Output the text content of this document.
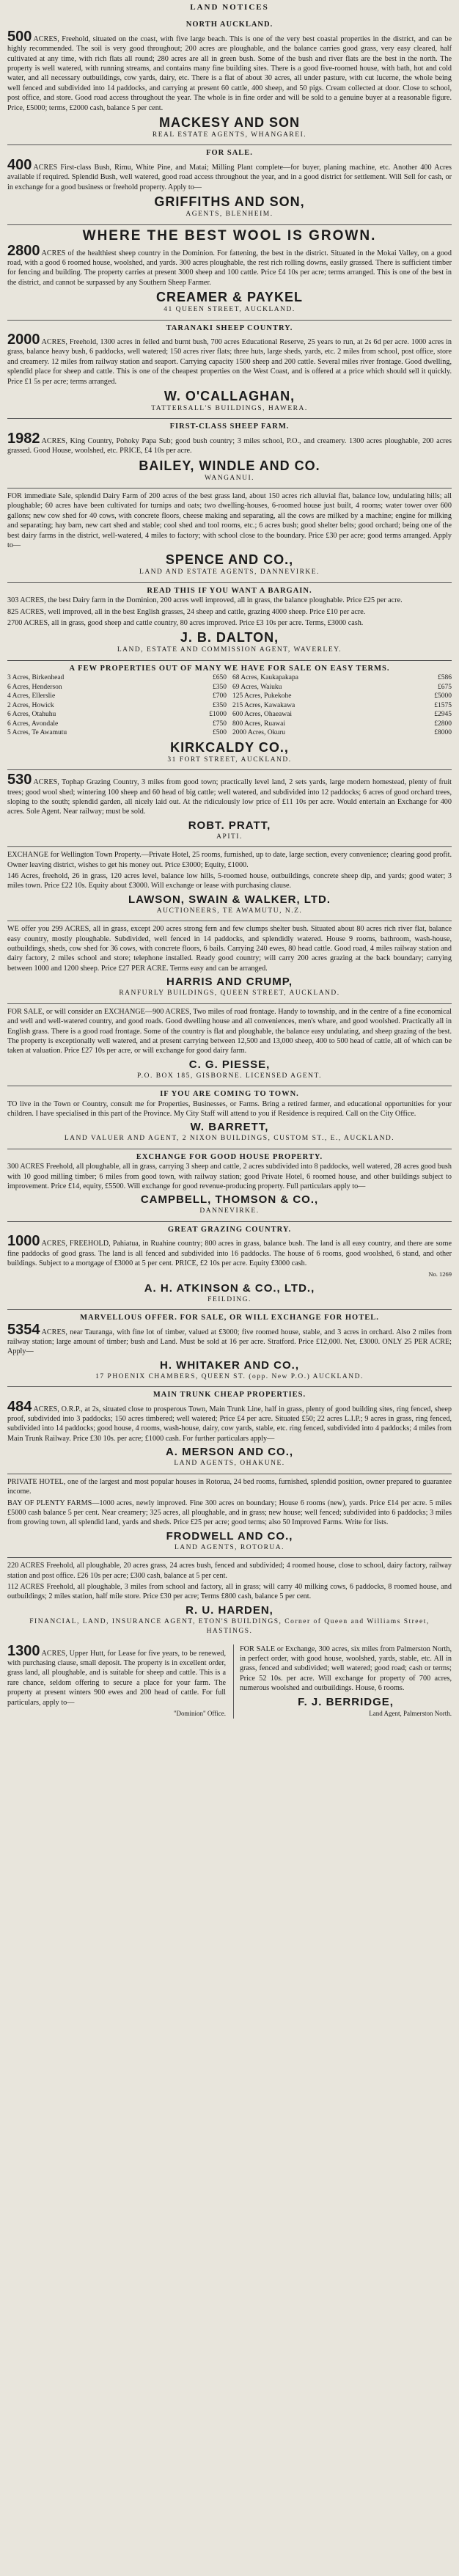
LAND NOTICES
NORTH AUCKLAND.

500 ACRES, Freehold, situated on the coast, with five large beach. This is one of the very best coastal properties in the district, and can be highly recommended. The soil is very good throughout; 200 acres are ploughable, and the balance carries good grass, very easy cleared, half cultivated at any time, with rich flats all round; 280 acres are all in green bush. Some of the bush and river flats are the best in the north. The property is well watered, with running streams, and contains many fine building sites. There is a good five-roomed house, with bath, hot and cold water, and all necessary outbuildings, cow yards, dairy, etc. There is a flat of about 30 acres, all under pasture, with cut lucerne, the whole being well fenced and subdivided into 14 paddocks, and carrying at present 60 cattle, 400 sheep, and 50 pigs. Cream collected at door. Close to school, post office, and store. Good road access throughout the year. The whole is in fine order and will be sold to a genuine buyer at a reasonable figure. Price, £5000; terms, £2000 cash, balance 5 per cent.

MACKESY AND SON
REAL ESTATE AGENTS, WHANGAREI.
FOR SALE.

400 ACRES First-class Bush, Rimu, White Pine, and Matai; Milling Plant complete—for buyer, planing machine, etc. Another 400 Acres available if required. Splendid Bush, well watered, good road access throughout the year, and in a good district for settlement. Will Sell for cash, or in exchange for a good business or freehold property. Apply to—

GRIFFITHS AND SON,
AGENTS, BLENHEIM.
WHERE THE BEST WOOL IS GROWN.

2800 ACRES of the healthiest sheep country in the Dominion. For fattening, the best in the district. Situated in the Mokai Valley, on a good road, with a good 6 roomed house, woolshed, and yards. 300 acres ploughable, the rest rich rolling downs, easily grassed. There is sufficient timber for fencing and building. The property carries at present 3000 sheep and 100 cattle. Price £4 10s per acre; terms arranged. This is one of the best in the district, and cannot be surpassed by any Southern Sheep Farmer.

CREAMER & PAYKEL
41 QUEEN STREET, AUCKLAND.
TARANAKI SHEEP COUNTRY.

2000 ACRES, Freehold, 1300 acres in felled and burnt bush, 700 acres Educational Reserve, 25 years to run, at 2s 6d per acre. 1000 acres in grass, balance heavy bush, 6 paddocks, well watered; 150 acres river flats; three huts, large sheds, yards, etc. 2 miles from school, post office, store and creamery. 12 miles from railway station and seaport. Carrying capacity 1500 sheep and 200 cattle. Several miles river frontage. Good dwelling, splendid place for sheep and cattle. This is one of the cheapest properties on the West Coast, and is offered at a price which should sell it quickly. Price £1 5s per acre; terms arranged.

W. O'CALLAGHAN,
TATTERSALL'S BUILDINGS, HAWERA.
FIRST-CLASS SHEEP FARM.

1982 ACRES, King Country, Pohoky Papa Sub; good bush country; 3 miles school, P.O., and creamery. 1300 acres ploughable, 200 acres grassed. Good House, woolshed, etc. PRICE, £4 10s per acre.

BAILEY, WINDLE AND CO.
WANGANUI.

FOR immediate Sale, splendid Dairy Farm of 200 acres of the best grass land, about 150 acres rich alluvial flat, balance low, undulating hills; all ploughable; 60 acres have been cultivated for turnips and oats; two dwelling-houses, 6-roomed house just built, 4 rooms; water tower over 600 gallons; new cow shed for 40 cows, with concrete floors, cheese making and separating, all the cows are milked by a machine; engine for milking and separating; hay barn, new cart shed and stable; cool shed and tool rooms, etc.; 6 acres bush; good shelter belts; good orchard; being one of the best dairy farms in the district, well-watered, 4 miles to factory; with school close to the boundary. Price £30 per acre; good terms arranged. Apply to—

SPENCE AND CO.,
LAND AND ESTATE AGENTS, DANNEVIRKE.
READ THIS IF YOU WANT A BARGAIN.

303 ACRES, the best Dairy farm in the Dominion, 200 acres well improved, all in grass, the balance ploughable. Price £25 per acre.

825 ACRES, well improved, all in the best English grasses, 24 sheep and cattle, grazing 4000 sheep. Price £10 per acre.

2700 ACRES, all in grass, good sheep and cattle country, 80 acres improved. Price £3 10s per acre. Terms, £3000 cash.

J. B. DALTON,
LAND, ESTATE AND COMMISSION AGENT, WAVERLEY.
A FEW PROPERTIES OUT OF MANY WE HAVE FOR SALE ON EASY TERMS.
3 Acres, Birkenhead	£650 68 Acres, Kaukapakapa	£586
6 Acres, Henderson	£350 69 Acres, Waiuku	£675
4 Acres, Ellerslie	£700 125 Acres, Pukekohe	£5000
2 Acres, Howick	£350 215 Acres, Kawakawa	£1575
6 Acres, Otahuhu	£1000 600 Acres, Ohaeawai	£2945
6 Acres, Avondale	£750 800 Acres, Ruawai	£2800
5 Acres, Te Awamutu	£500 2000 Acres, Okuru	£8000
KIRKCALDY CO.,
31 FORT STREET, AUCKLAND.

530 ACRES, Tophap Grazing Country, 3 miles from good town; practically level land, 2 sets yards, large modern homestead, plenty of fruit trees; good wool shed; wintering 100 sheep and 60 head of big cattle; well watered, and subdivided into 12 paddocks; 6 acres of good orchard trees, sloping to the south; splendid garden, all nicely laid out. At the ridiculously low price of £11 10s per acre. Would entertain an Exchange for 400 acres. Sole Agent. Near railway; must be sold.

ROBT. PRATT,
APITI.

EXCHANGE for Wellington Town Property.—Private Hotel, 25 rooms, furnished, up to date, large section, every convenience; clearing good profit. Owner leaving district, wishes to get his money out. Price £3000; Equity, £1000.

146 Acres, freehold, 26 in grass, 120 acres level, balance low hills, 5-roomed house, outbuildings, concrete sheep dip, and yards; good water; 3 miles town. Price £22 10s. Equity about £3000. Will exchange or lease with purchasing clause.

LAWSON, SWAIN & WALKER, LTD.
AUCTIONEERS, TE AWAMUTU, N.Z.

WE offer you 299 ACRES, all in grass, except 200 acres strong fern and few clumps shelter bush. Situated about 80 acres rich river flat, balance easy country, mostly ploughable. Subdivided, well fenced in 14 paddocks, and splendidly watered. House 9 rooms, bathroom, wash-house, outbuildings, sheds, cow shed for 36 cows, with concrete floors, 6 bails. Carrying 240 ewes, 80 head cattle. Good road, 4 miles railway station and dairy factory, 2 miles school and store; telephone installed. Ready good country; will carry 200 acres grazing at the back boundary; carrying between 1000 and 1200 sheep. Price £27 PER ACRE. Terms easy and can be arranged.

HARRIS AND CRUMP,
RANFURLY BUILDINGS, QUEEN STREET, AUCKLAND.

FOR SALE, or will consider an EXCHANGE—900 ACRES, Two miles of road frontage. Handy to township, and in the centre of a fine economical and well and well-watered country, and good roads. Good dwelling house and all conveniences, men's whare, and good woolshed. Practically all in English grass. There is a good road frontage. Some of the country is flat and ploughable, the balance easy undulating, and sheep grazing of the best. The property is exceptionally well watered, and at present carrying between 12,500 and 13,000 sheep, 400 to 500 head of cattle, all of which can be taken at valuation. Price £27 10s per acre, or will exchange for good dairy farm.

C. G. PIESSE,
P.O. BOX 185, GISBORNE. LICENSED AGENT.
IF YOU ARE COMING TO TOWN.

TO live in the Town or Country, consult me for Properties, Businesses, or Farms. Bring a retired farmer, and educational opportunities for your children. I have specialised in this part of the Province. My City Staff will attend to you if Residence is required. Call on the City Office.

W. BARRETT,
LAND VALUER AND AGENT, 2 NIXON BUILDINGS, CUSTOM ST., E., AUCKLAND.
EXCHANGE FOR GOOD HOUSE PROPERTY.

300 ACRES Freehold, all ploughable, all in grass, carrying 3 sheep and cattle, 2 acres subdivided into 8 paddocks, well watered, 28 acres good bush with 10 good milling timber; 6 miles from good town, with railway station; good Private Hotel, 6 roomed house, and other buildings subject to improvement. Price £14, equity, £5500. Will exchange for good revenue-producing property. Full particulars apply to—

CAMPBELL, THOMSON & CO.,
DANNEVIRKE.
GREAT GRAZING COUNTRY.

1000 ACRES, FREEHOLD, Pahiatua, in Ruahine country; 800 acres in grass, balance bush. The land is all easy country, and there are some fine paddocks of good grass. The land is all fenced and subdivided into 16 paddocks. The house of 6 rooms, good woolshed, 6 stand, and other buildings. Subject to a mortgage of £3000 at 5 per cent. PRICE, £2 10s per acre. Equity £3000 cash.

No. 1269
A. H. ATKINSON & CO., LTD.,
FEILDING.
MARVELLOUS OFFER. FOR SALE, OR WILL EXCHANGE FOR HOTEL.

5354 ACRES, near Tauranga, with fine lot of timber, valued at £3000; five roomed house, stable, and 3 acres in orchard. Also 2 miles from railway station; large amount of timber; bush and Land. Must be sold at 16 per acre. Stratford. Price £12,000. Net, £3000. ONLY 25 PER ACRE; Apply—

H. WHITAKER AND CO.,
17 PHOENIX CHAMBERS, QUEEN ST. (opp. New P.O.) AUCKLAND.
MAIN TRUNK CHEAP PROPERTIES.

484 ACRES, O.R.P., at 2s, situated close to prosperous Town, Main Trunk Line, half in grass, plenty of good building sites, ring fenced, sheep proof, subdivided into 3 paddocks; 150 acres timbered; well watered; Price £4 per acre. Situated £50; 22 acres L.I.P.; 9 acres in grass, ring fenced, subdivided into 14 paddocks; good house, 4 rooms, wash-house, dairy, cow yards, stable, etc. ring fenced, subdivided into 4 paddocks; 4 miles from Main Trunk Railway. Price £30 10s. per acre; £1000 cash. For further particulars apply—

A. MERSON AND CO.,
LAND AGENTS, OHAKUNE.

PRIVATE HOTEL, one of the largest and most popular houses in Rotorua, 24 bed rooms, furnished, splendid position, owner prepared to guarantee income.

BAY OF PLENTY FARMS—1000 acres, newly improved. Fine 300 acres on boundary; House 6 rooms (new), yards. Price £14 per acre. 5 miles £5000 cash balance 5 per cent. Near creamery; 325 acres, all ploughable, and in grass; new house; well fenced; subdivided into 6 paddocks; 3 miles from growing town, all splendid land, yards and sheds. Price £25 per acre; good terms; also 50 Improved Farms. Write for lists.

FRODWELL AND CO.,
LAND AGENTS, ROTORUA.

220 ACRES Freehold, all ploughable, 20 acres grass, 24 acres bush, fenced and subdivided; 4 roomed house, close to school, dairy factory, railway station and post office. £26 10s per acre; £300 cash, balance at 5 per cent.

112 ACRES Freehold, all ploughable, 3 miles from school and factory, all in grass; will carry 40 milking cows, 6 paddocks, 8 roomed house, and outbuildings; 2 miles station, half mile store. Price £30 per acre; Terms £800 cash, balance 5 per cent.

R. U. HARDEN,
FINANCIAL, LAND, INSURANCE AGENT, ETON'S BUILDINGS, Corner of Queen and Williams Street, HASTINGS.

1300 ACRES, Upper Hutt, for Lease for five years, to be renewed, with purchasing clause, small deposit. The property is in excellent order, grass land, all ploughable, and is suitable for sheep and cattle. This is a rare chance, seldom offering to secure a place for your farm. The property at present winters 900 ewes and 200 head of cattle. For full particulars, apply to—

"Dominion" Office.

FOR SALE or Exchange, 300 acres, six miles from Palmerston North, in perfect order, with good house, woolshed, yards, stable, etc. All in grass, fenced and subdivided; well watered; good road; cash or terms; Price 52 10s. per acre. Will exchange for property of 700 acres, numerous woolshed and outbuildings. House, 6 rooms.

F. J. BERRIDGE,
Land Agent, Palmerston North.
